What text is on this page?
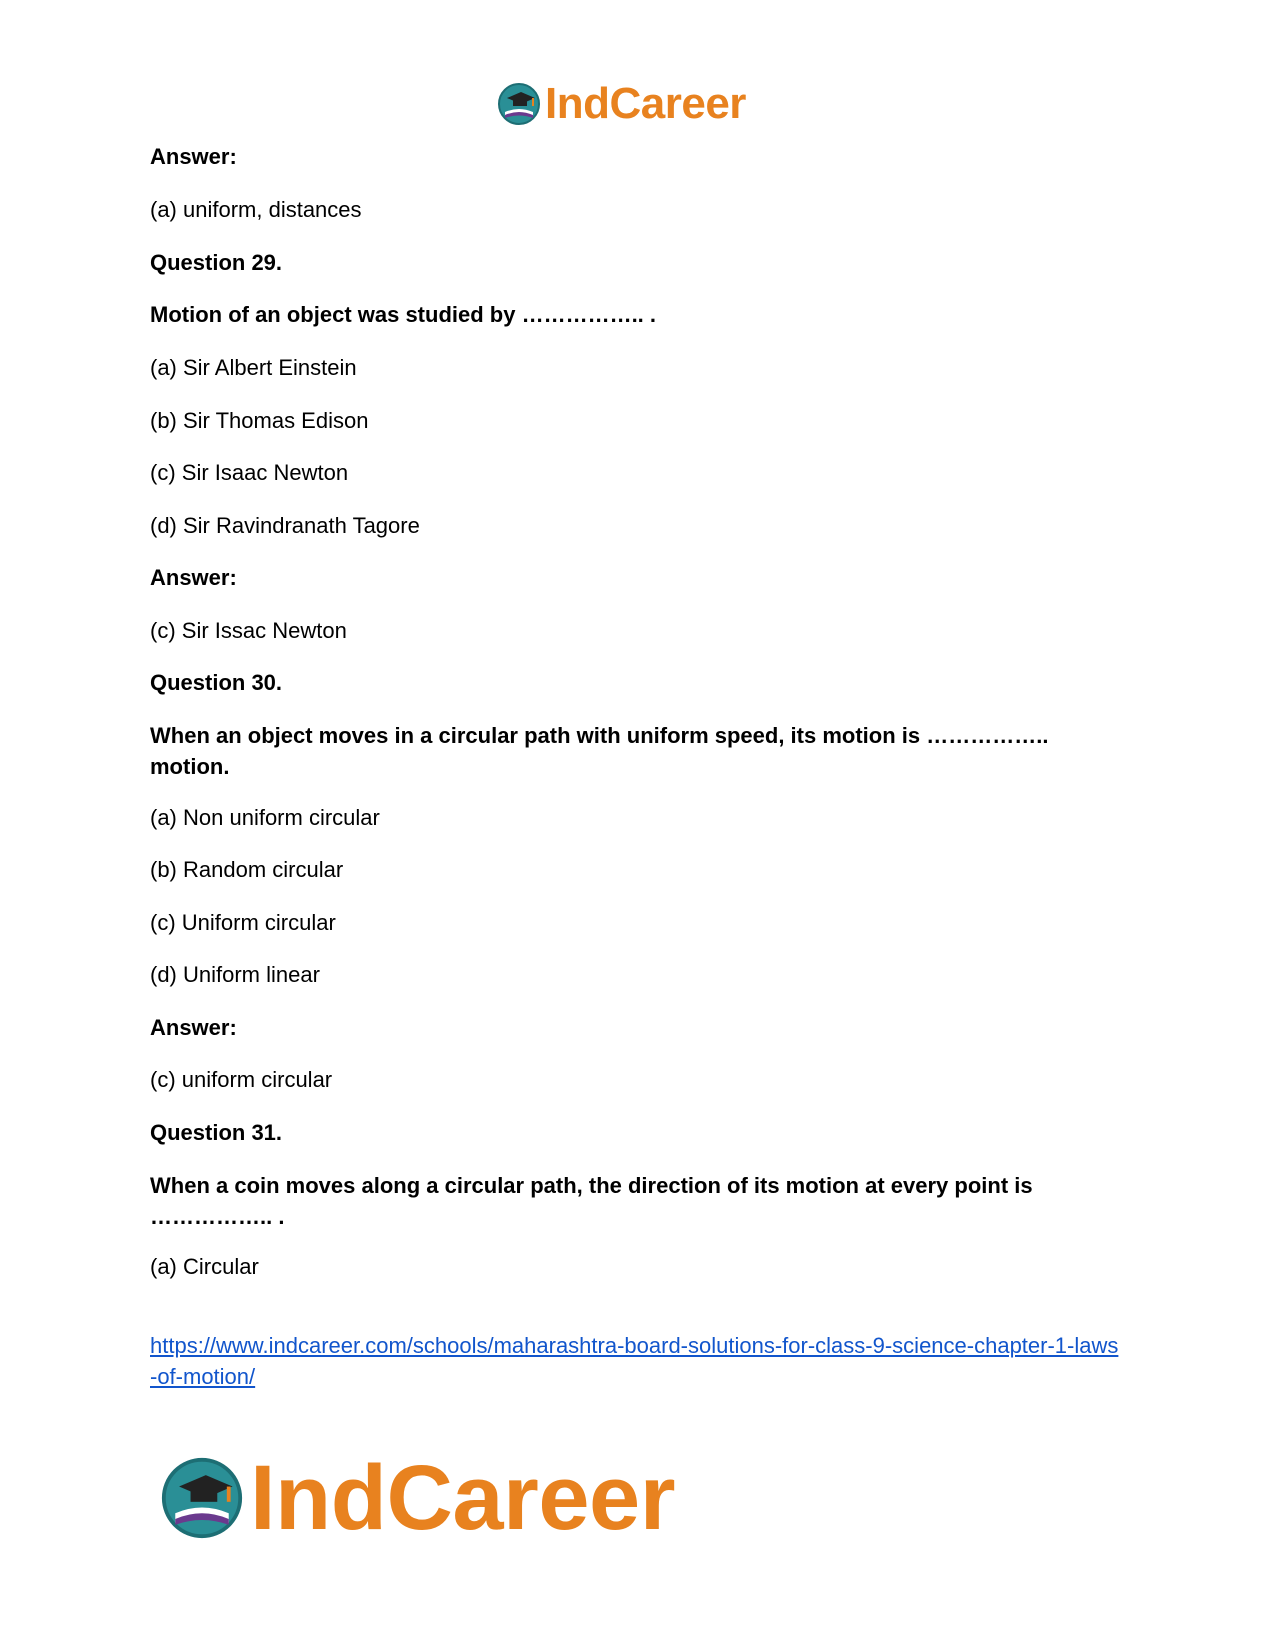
IndCareer

Answer:

(a) uniform, distances

Question 29.

Motion of an object was studied by …………….. .

(a) Sir Albert Einstein

(b) Sir Thomas Edison

(c) Sir Isaac Newton

(d) Sir Ravindranath Tagore

Answer:

(c) Sir Issac Newton

Question 30.

When an object moves in a circular path with uniform speed, its motion is …………….. motion.

(a) Non uniform circular

(b) Random circular

(c) Uniform circular

(d) Uniform linear

Answer:

(c) uniform circular

Question 31.

When a coin moves along a circular path, the direction of its motion at every point is …………….. .

(a) Circular

https://www.indcareer.com/schools/maharashtra-board-solutions-for-class-9-science-chapter-1-laws-of-motion/
IndCareer
